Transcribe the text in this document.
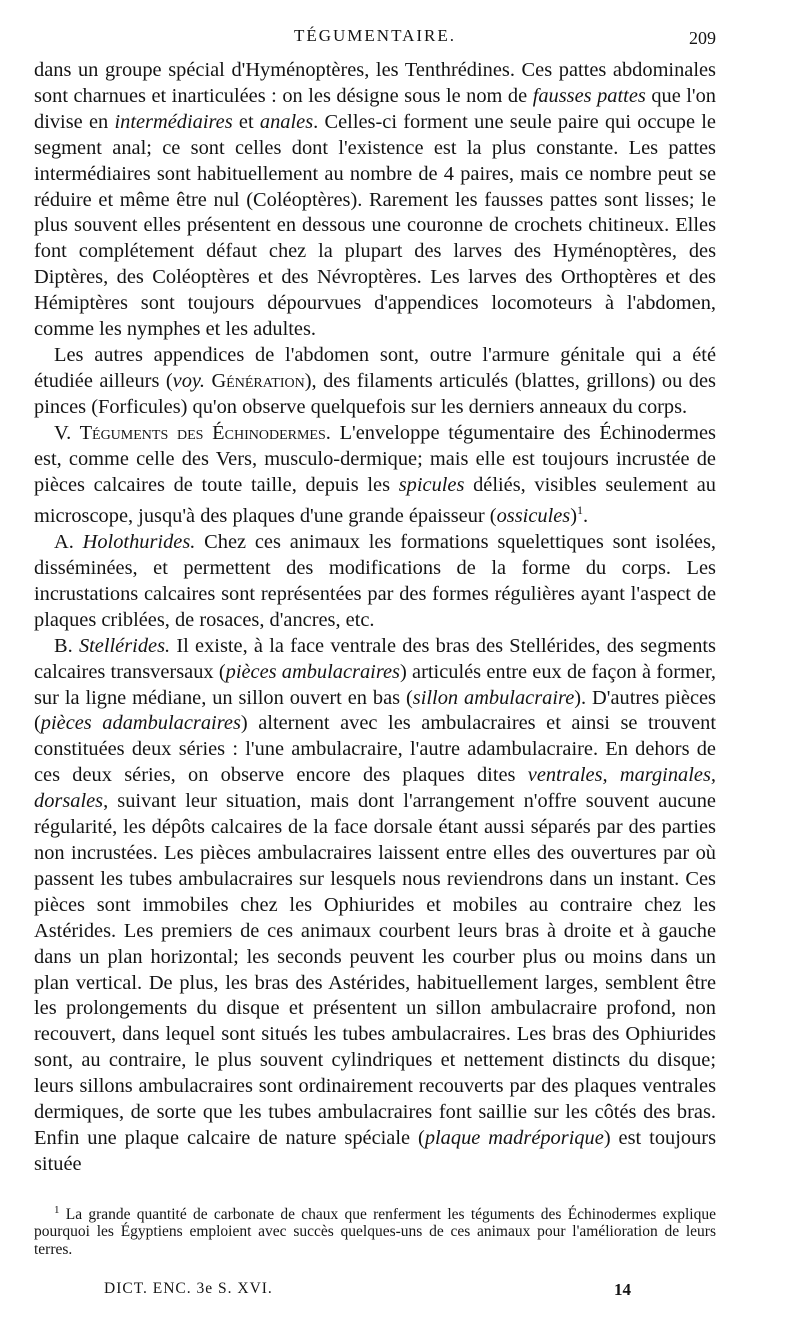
TÉGUMENTAIRE.	209

dans un groupe spécial d'Hyménoptères, les Tenthrédines. Ces pattes abdominales sont charnues et inarticulées : on les désigne sous le nom de fausses pattes que l'on divise en intermédiaires et anales. Celles-ci forment une seule paire qui occupe le segment anal; ce sont celles dont l'existence est la plus constante. Les pattes intermédiaires sont habituellement au nombre de 4 paires, mais ce nombre peut se réduire et même être nul (Coléoptères). Rarement les fausses pattes sont lisses; le plus souvent elles présentent en dessous une couronne de crochets chitineux. Elles font complétement défaut chez la plupart des larves des Hyménoptères, des Diptères, des Coléoptères et des Névroptères. Les larves des Orthoptères et des Hémiptères sont toujours dépourvues d'appendices locomoteurs à l'abdomen, comme les nymphes et les adultes.

Les autres appendices de l'abdomen sont, outre l'armure génitale qui a été étudiée ailleurs (voy. Génération), des filaments articulés (blattes, grillons) ou des pinces (Forficules) qu'on observe quelquefois sur les derniers anneaux du corps.

V. Téguments des Échinodermes. L'enveloppe tégumentaire des Échinodermes est, comme celle des Vers, musculo-dermique; mais elle est toujours incrustée de pièces calcaires de toute taille, depuis les spicules déliés, visibles seulement au microscope, jusqu'à des plaques d'une grande épaisseur (ossicules)$^1$.

A. Holothurides. Chez ces animaux les formations squelettiques sont isolées, disséminées, et permettent des modifications de la forme du corps. Les incrustations calcaires sont représentées par des formes régulières ayant l'aspect de plaques criblées, de rosaces, d'ancres, etc.

B. Stellérides. Il existe, à la face ventrale des bras des Stellérides, des segments calcaires transversaux (pièces ambulacraires) articulés entre eux de façon à former, sur la ligne médiane, un sillon ouvert en bas (sillon ambulacraire). D'autres pièces (pièces adambulacraires) alternent avec les ambulacraires et ainsi se trouvent constituées deux séries : l'une ambulacraire, l'autre adambulacraire. En dehors de ces deux séries, on observe encore des plaques dites ventrales, marginales, dorsales, suivant leur situation, mais dont l'arrangement n'offre souvent aucune régularité, les dépôts calcaires de la face dorsale étant aussi séparés par des parties non incrustées. Les pièces ambulacraires laissent entre elles des ouvertures par où passent les tubes ambulacraires sur lesquels nous reviendrons dans un instant. Ces pièces sont immobiles chez les Ophiurides et mobiles au contraire chez les Astérides. Les premiers de ces animaux courbent leurs bras à droite et à gauche dans un plan horizontal; les seconds peuvent les courber plus ou moins dans un plan vertical. De plus, les bras des Astérides, habituellement larges, semblent être les prolongements du disque et présentent un sillon ambulacraire profond, non recouvert, dans lequel sont situés les tubes ambulacraires. Les bras des Ophiurides sont, au contraire, le plus souvent cylindriques et nettement distincts du disque; leurs sillons ambulacraires sont ordinairement recouverts par des plaques ventrales dermiques, de sorte que les tubes ambulacraires font saillie sur les côtés des bras. Enfin une plaque calcaire de nature spéciale (plaque madréporique) est toujours située

$^1$ La grande quantité de carbonate de chaux que renferment les téguments des Échinodermes explique pourquoi les Égyptiens emploient avec succès quelques-uns de ces animaux pour l'amélioration de leurs terres.

DICT. ENC. 3e S. XVI.	14
